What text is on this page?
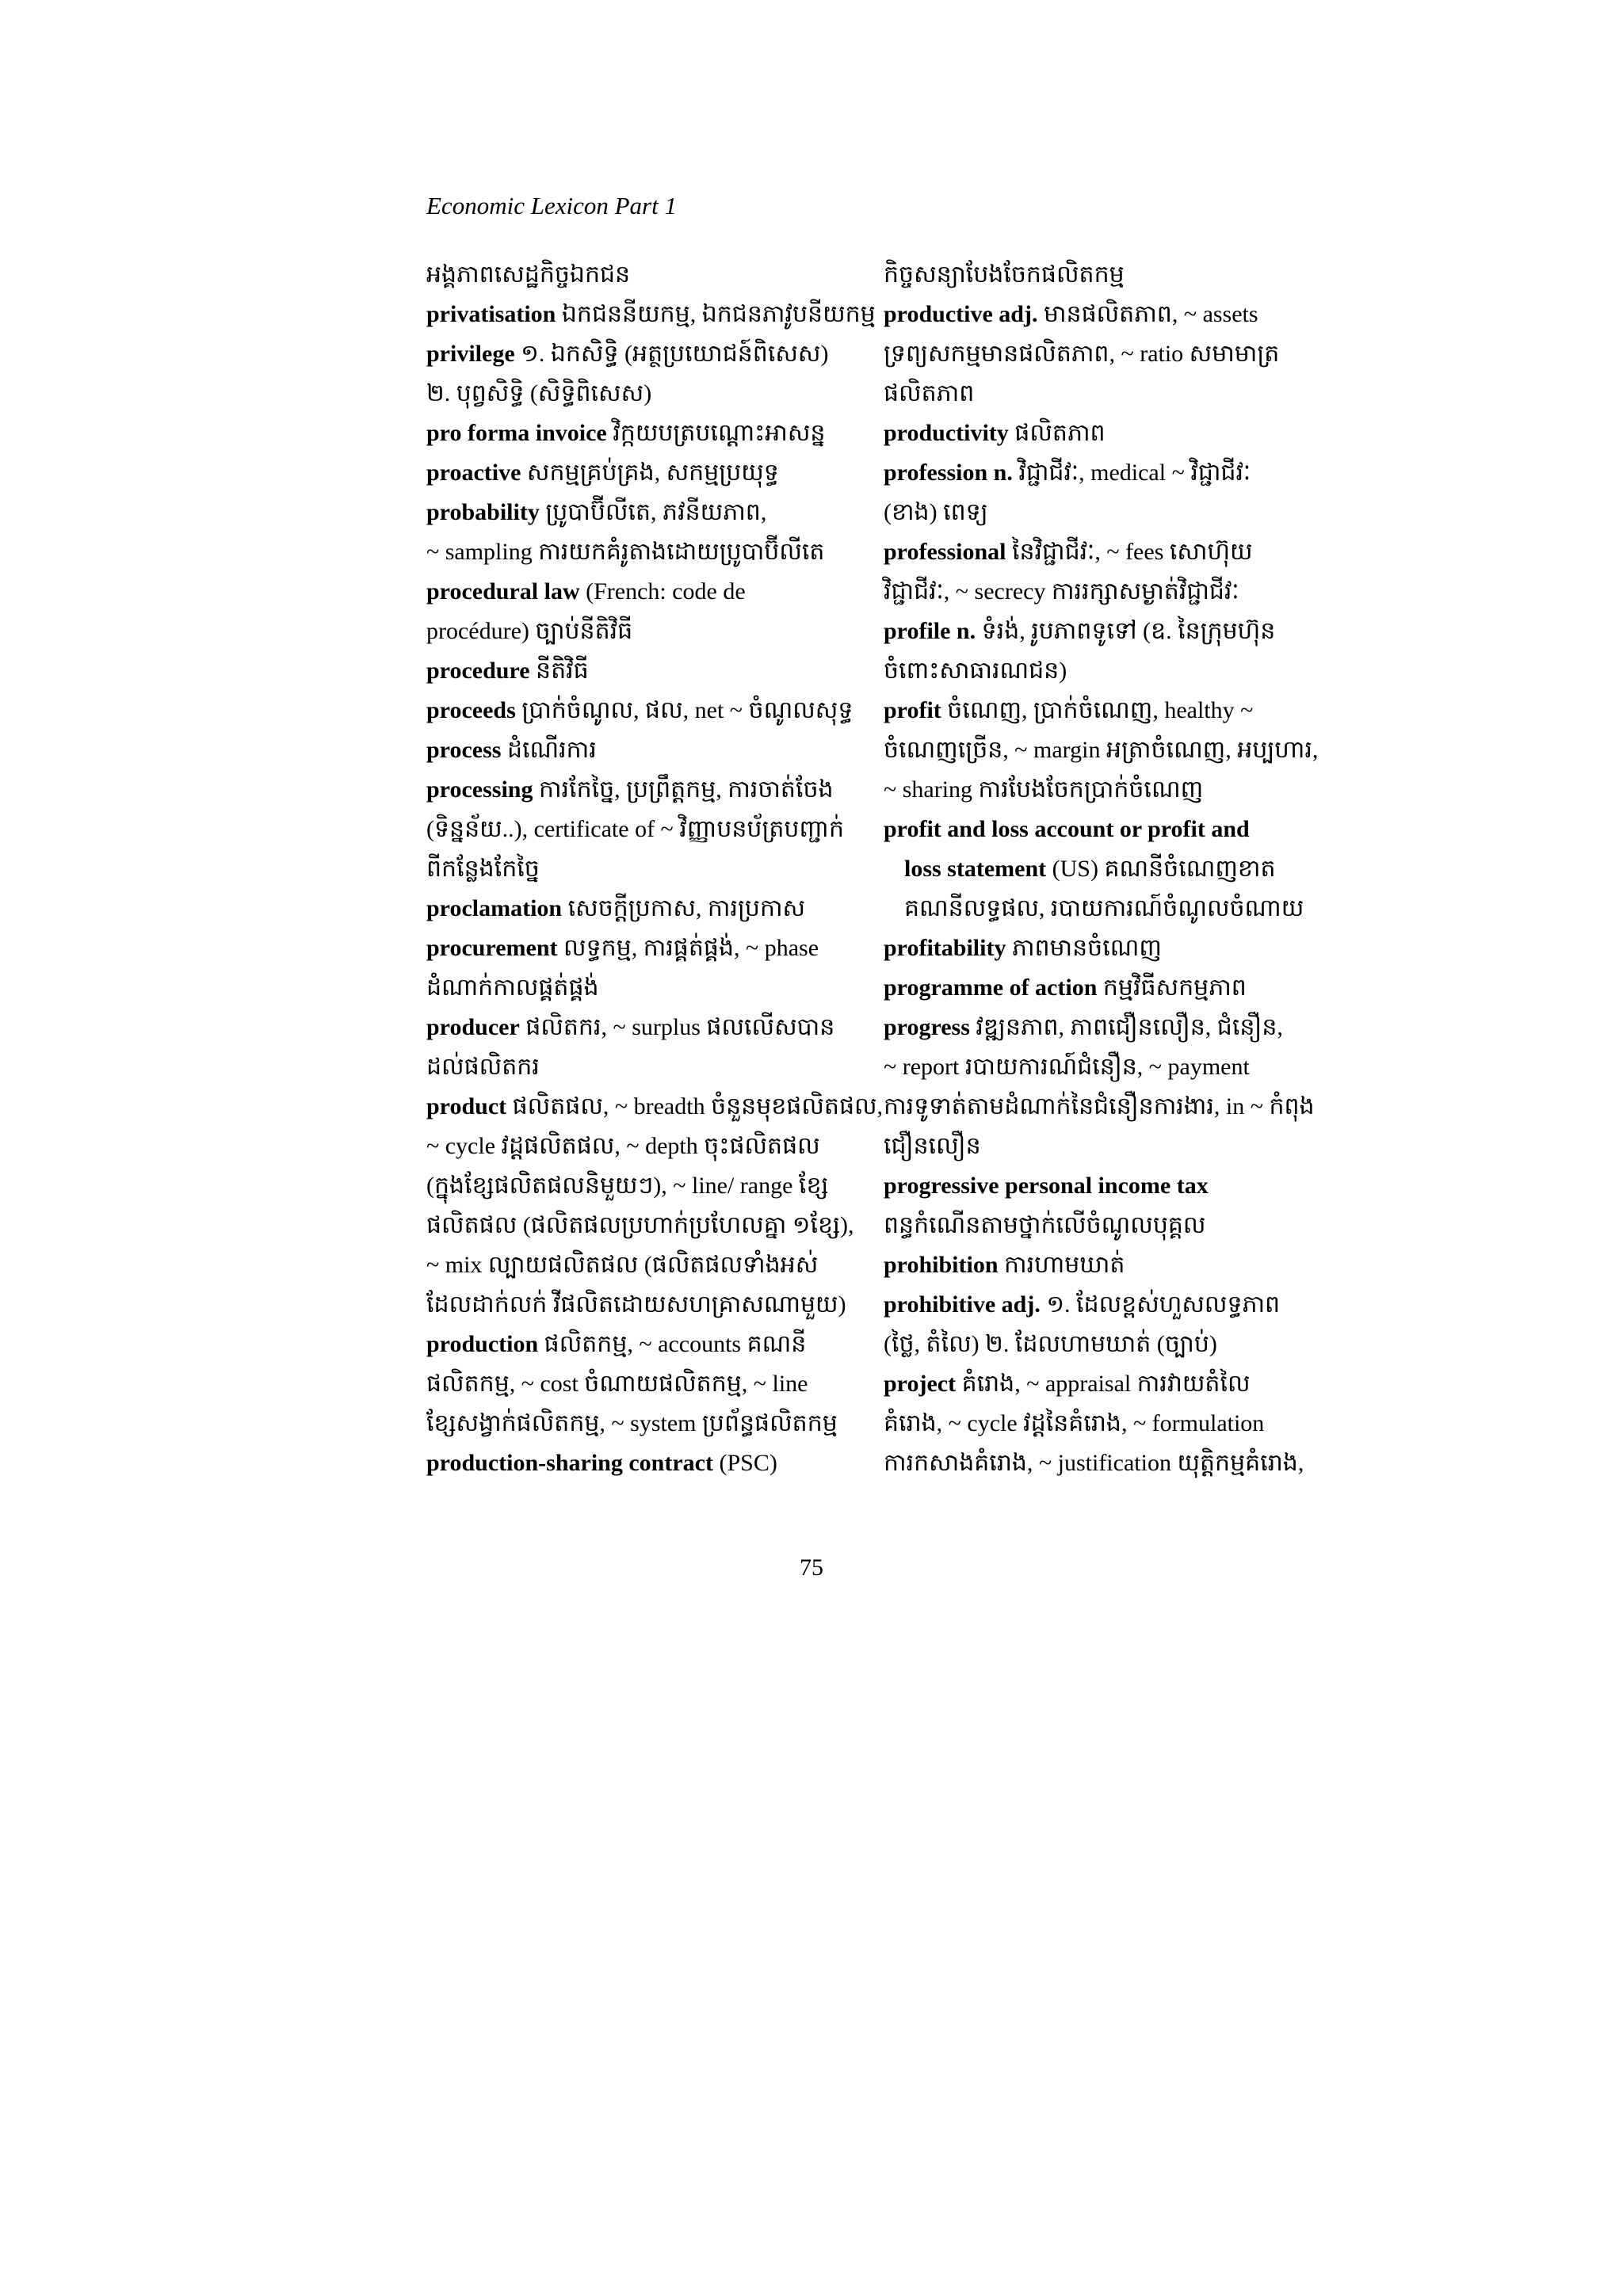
Economic Lexicon Part 1
អង្គភាពសេដ្ឋកិច្ចឯកជន
privatisation ឯកជននីយកម្ម, ឯកជនភាវូបនីយកម្ម
privilege ១. ឯកសិទ្ធិ (អត្ថប្រយោជន៍ពិសេស)
២. បុព្វសិទ្ធិ (សិទ្ធិពិសេស)
pro forma invoice វិក្កយបត្របណ្ដោះអាសន្ន
proactive សកម្មគ្រប់គ្រង, សកម្មប្រយុទ្ធ
probability ប្រូបាប៊ីលីតេ, ភវនីយភាព,
~ sampling ការយកគំរូតាងដោយប្រូបាប៊ីលីតេ
procedural law (French: code de
procédure) ច្បាប់នីតិវិធី
procedure នីតិវិធី
proceeds ប្រាក់ចំណូល, ផល, net ~ ចំណូលសុទ្ធ
process ដំណើរការ
processing ការកែច្នៃ, ប្រព្រឹត្តកម្ម, ការចាត់ចែង
(ទិន្នន័យ..), certificate of ~ វិញ្ញាបនប័ត្របញ្ជាក់
ពីកន្លែងកែច្នៃ
proclamation សេចក្ដីប្រកាស, ការប្រកាស
procurement លទ្ធកម្ម, ការផ្គត់ផ្គង់, ~ phase
ដំណាក់កាលផ្គត់ផ្គង់
producer ផលិតករ, ~ surplus ផលលើសបាន
ដល់ផលិតករ
product ផលិតផល, ~ breadth ចំនួនមុខផលិតផល,
~ cycle វដ្តផលិតផល, ~ depth ចុះផលិតផល
(ក្នុងខ្សែផលិតផលនិមួយៗ), ~ line/ range ខ្សែ
ផលិតផល (ផលិតផលប្រហាក់ប្រហែលគ្នា ១ខ្សែ),
~ mix ល្បាយផលិតផល (ផលិតផលទាំងអស់
ដែលដាក់លក់ វីផលិតដោយសហគ្រាសណាមួយ)
production ផលិតកម្ម, ~ accounts គណនី
ផលិតកម្ម, ~ cost ចំណាយផលិតកម្ម, ~ line
ខ្សែសង្វាក់ផលិតកម្ម, ~ system ប្រព័ន្ធផលិតកម្ម
production-sharing contract (PSC)
កិច្ចសន្យាបែងចែកផលិតកម្ម
productive adj. មានផលិតភាព, ~ assets
ទ្រព្យសកម្មមានផលិតភាព, ~ ratio សមាមាត្រ
ផលិតភាព
productivity ផលិតភាព
profession n. វិជ្ជាជីវៈ, medical ~ វិជ្ជាជីវៈ
(ខាង) ពេទ្យ
professional នៃវិជ្ជាជីវៈ, ~ fees សោហ៊ុយ
វិជ្ជាជីវៈ, ~ secrecy ការរក្សាសម្ងាត់វិជ្ជាជីវៈ
profile n. ទំរង់, រូបភាពទូទៅ (ឧ. នៃក្រុមហ៊ុន
ចំពោះសាធារណជន)
profit ចំណេញ, ប្រាក់ចំណេញ, healthy ~
ចំណេញច្រើន, ~ margin អត្រាចំណេញ, អប្បហារ,
~ sharing ការបែងចែកប្រាក់ចំណេញ
profit and loss account or profit and
loss statement (US) គណនីចំណេញខាត
គណនីលទ្ធផល, របាយការណ៍ចំណូលចំណាយ
profitability ភាពមានចំណេញ
programme of action កម្មវិធីសកម្មភាព
progress វឌ្ឍនភាព, ភាពជឿនលឿន, ជំនឿន,
~ report របាយការណ៍ជំនឿន, ~ payment
ការទូទាត់តាមដំណាក់នៃជំនឿនការងារ, in ~ កំពុង
ជឿនលឿន
progressive personal income tax
ពន្ធកំណើនតាមថ្នាក់លើចំណូលបុគ្គល
prohibition ការហាមឃាត់
prohibitive adj. ១. ដែលខ្ពស់ហួសលទ្ធភាព
(ថ្លៃ, តំលៃ) ២. ដែលហាមឃាត់ (ច្បាប់)
project គំរោង, ~ appraisal ការវាយតំលៃ
គំរោង, ~ cycle វដ្តនៃគំរោង, ~ formulation
ការកសាងគំរោង, ~ justification យុត្តិកម្មគំរោង,
75
